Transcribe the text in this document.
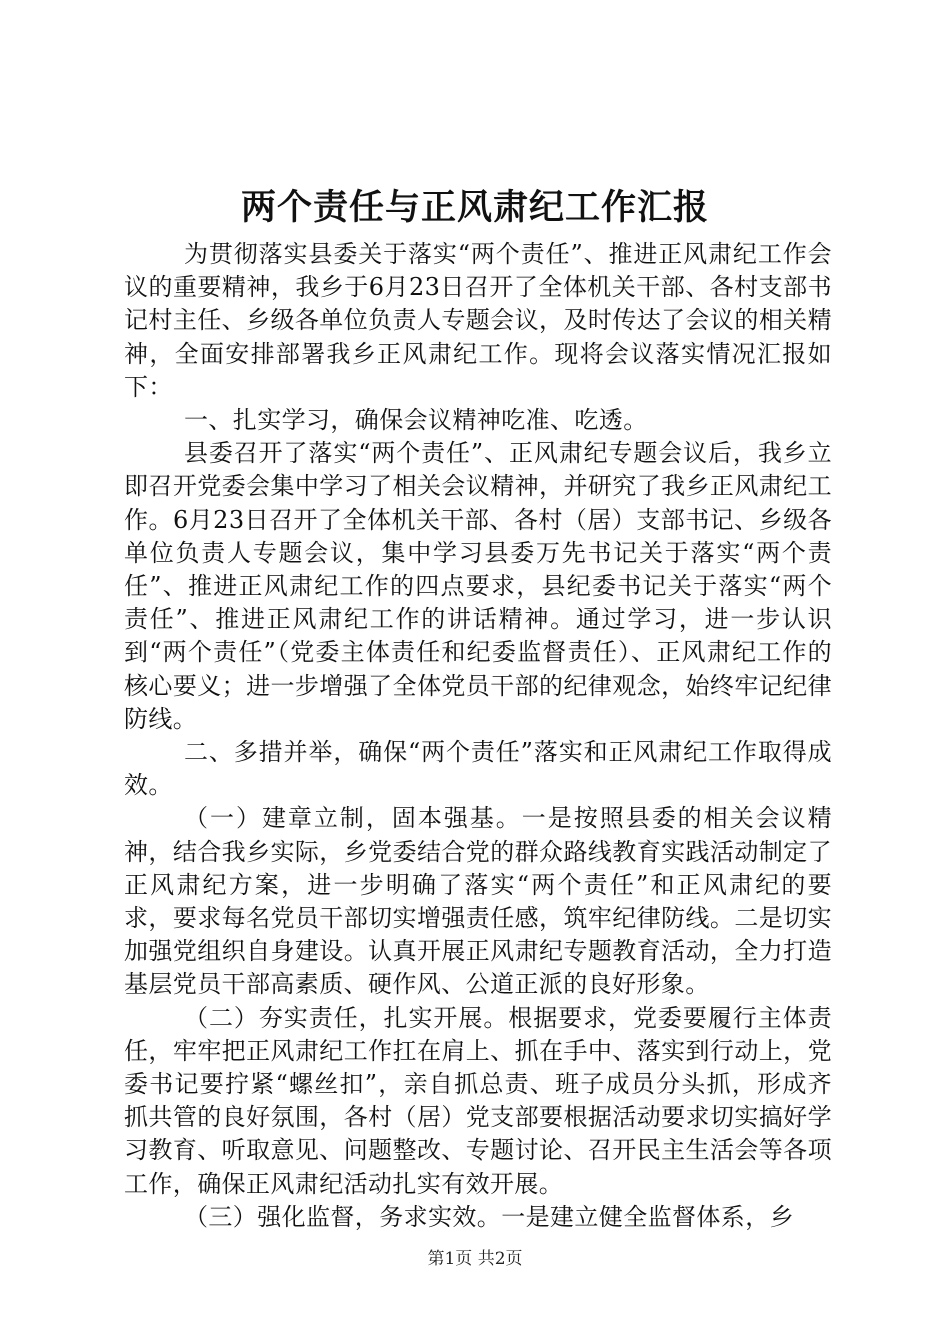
两个责任与正风肃纪工作汇报

为贯彻落实县委关于落实“两个责任”、推进正风肃纪工作会议的重要精神，我乡于6月23日召开了全体机关干部、各村支部书记村主任、乡级各单位负责人专题会议，及时传达了会议的相关精神，全面安排部署我乡正风肃纪工作。现将会议落实情况汇报如下：

一、扎实学习，确保会议精神吃准、吃透。

县委召开了落实“两个责任”、正风肃纪专题会议后，我乡立即召开党委会集中学习了相关会议精神，并研究了我乡正风肃纪工作。6月23日召开了全体机关干部、各村（居）支部书记、乡级各单位负责人专题会议，集中学习县委万先书记关于落实“两个责任”、推进正风肃纪工作的四点要求，县纪委书记关于落实“两个责任”、推进正风肃纪工作的讲话精神。通过学习，进一步认识到“两个责任”（党委主体责任和纪委监督责任）、正风肃纪工作的核心要义；进一步增强了全体党员干部的纪律观念，始终牢记纪律防线。

二、多措并举，确保“两个责任”落实和正风肃纪工作取得成效。

（一）建章立制，固本强基。一是按照县委的相关会议精神，结合我乡实际，乡党委结合党的群众路线教育实践活动制定了正风肃纪方案，进一步明确了落实“两个责任”和正风肃纪的要求，要求每名党员干部切实增强责任感，筑牢纪律防线。二是切实加强党组织自身建设。认真开展正风肃纪专题教育活动，全力打造基层党员干部高素质、硬作风、公道正派的良好形象。

（二）夯实责任，扎实开展。根据要求，党委要履行主体责任，牢牢把正风肃纪工作扛在肩上、抓在手中、落实到行动上，党委书记要拧紧“螺丝扣”，亲自抓总责、班子成员分头抓，形成齐抓共管的良好氛围，各村（居）党支部要根据活动要求切实搞好学习教育、听取意见、问题整改、专题讨论、召开民主生活会等各项工作，确保正风肃纪活动扎实有效开展。

（三）强化监督，务求实效。一是建立健全监督体系，乡

第1页 共2页
